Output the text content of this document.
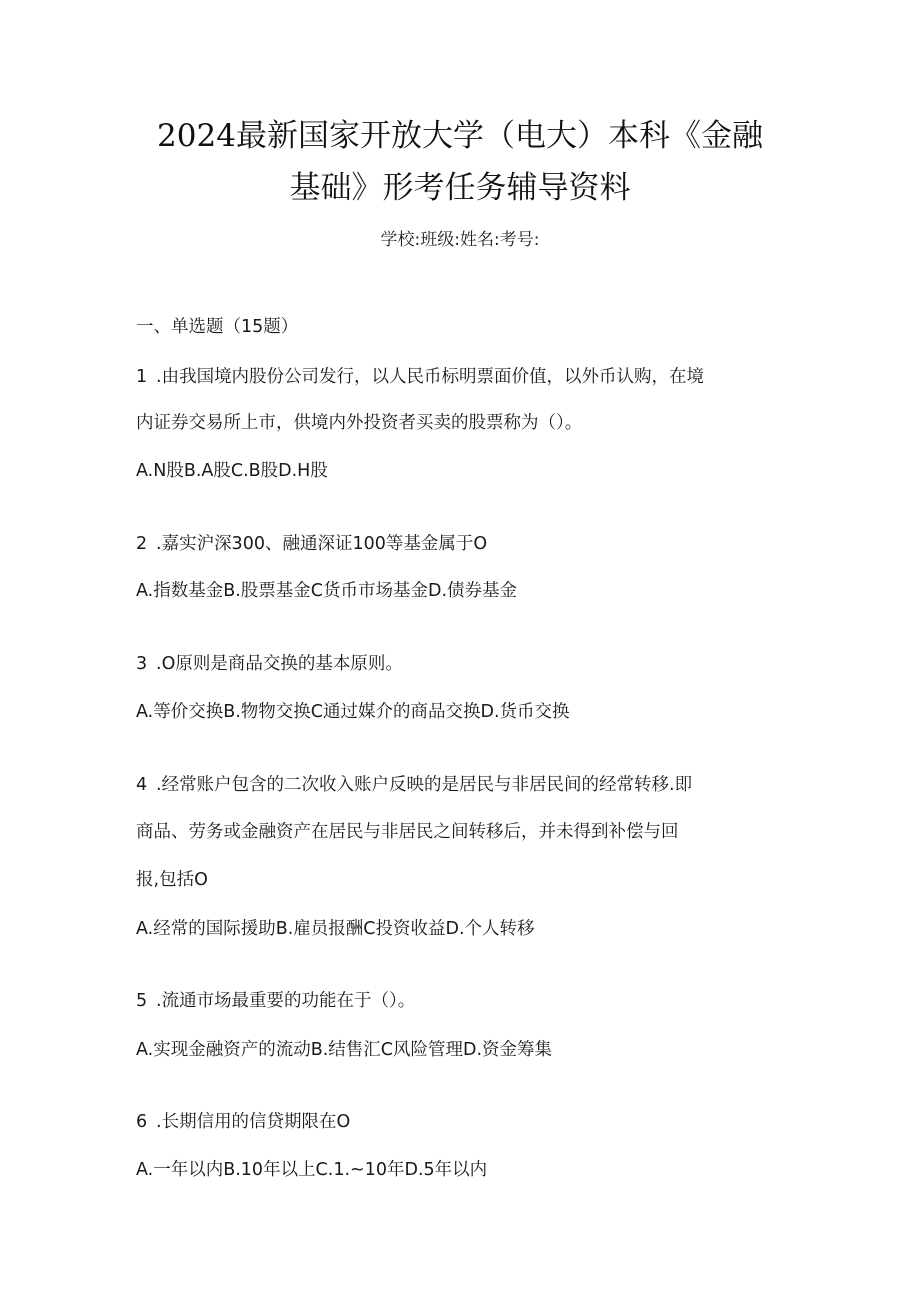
2024最新国家开放大学（电大）本科《金融
基础》形考任务辅导资料
学校:班级:姓名:考号:
一、单选题（15题）
1 .由我国境内股份公司发行，以人民币标明票面价值，以外币认购，在境
内证券交易所上市，供境内外投资者买卖的股票称为（）。
A.N股B.A股C.B股D.H股
2 .嘉实沪深300、融通深证100等基金属于O
A.指数基金B.股票基金C货币市场基金D.债券基金
3 .O原则是商品交换的基本原则。
A.等价交换B.物物交换C通过媒介的商品交换D.货币交换
4 .经常账户包含的二次收入账户反映的是居民与非居民间的经常转移.即
商品、劳务或金融资产在居民与非居民之间转移后，并未得到补偿与回
报,包括O
A.经常的国际援助B.雇员报酬C投资收益D.个人转移
5 .流通市场最重要的功能在于（）。
A.实现金融资产的流动B.结售汇C风险管理D.资金筹集
6 .长期信用的信贷期限在O
A.一年以内B.10年以上C.1.~10年D.5年以内
